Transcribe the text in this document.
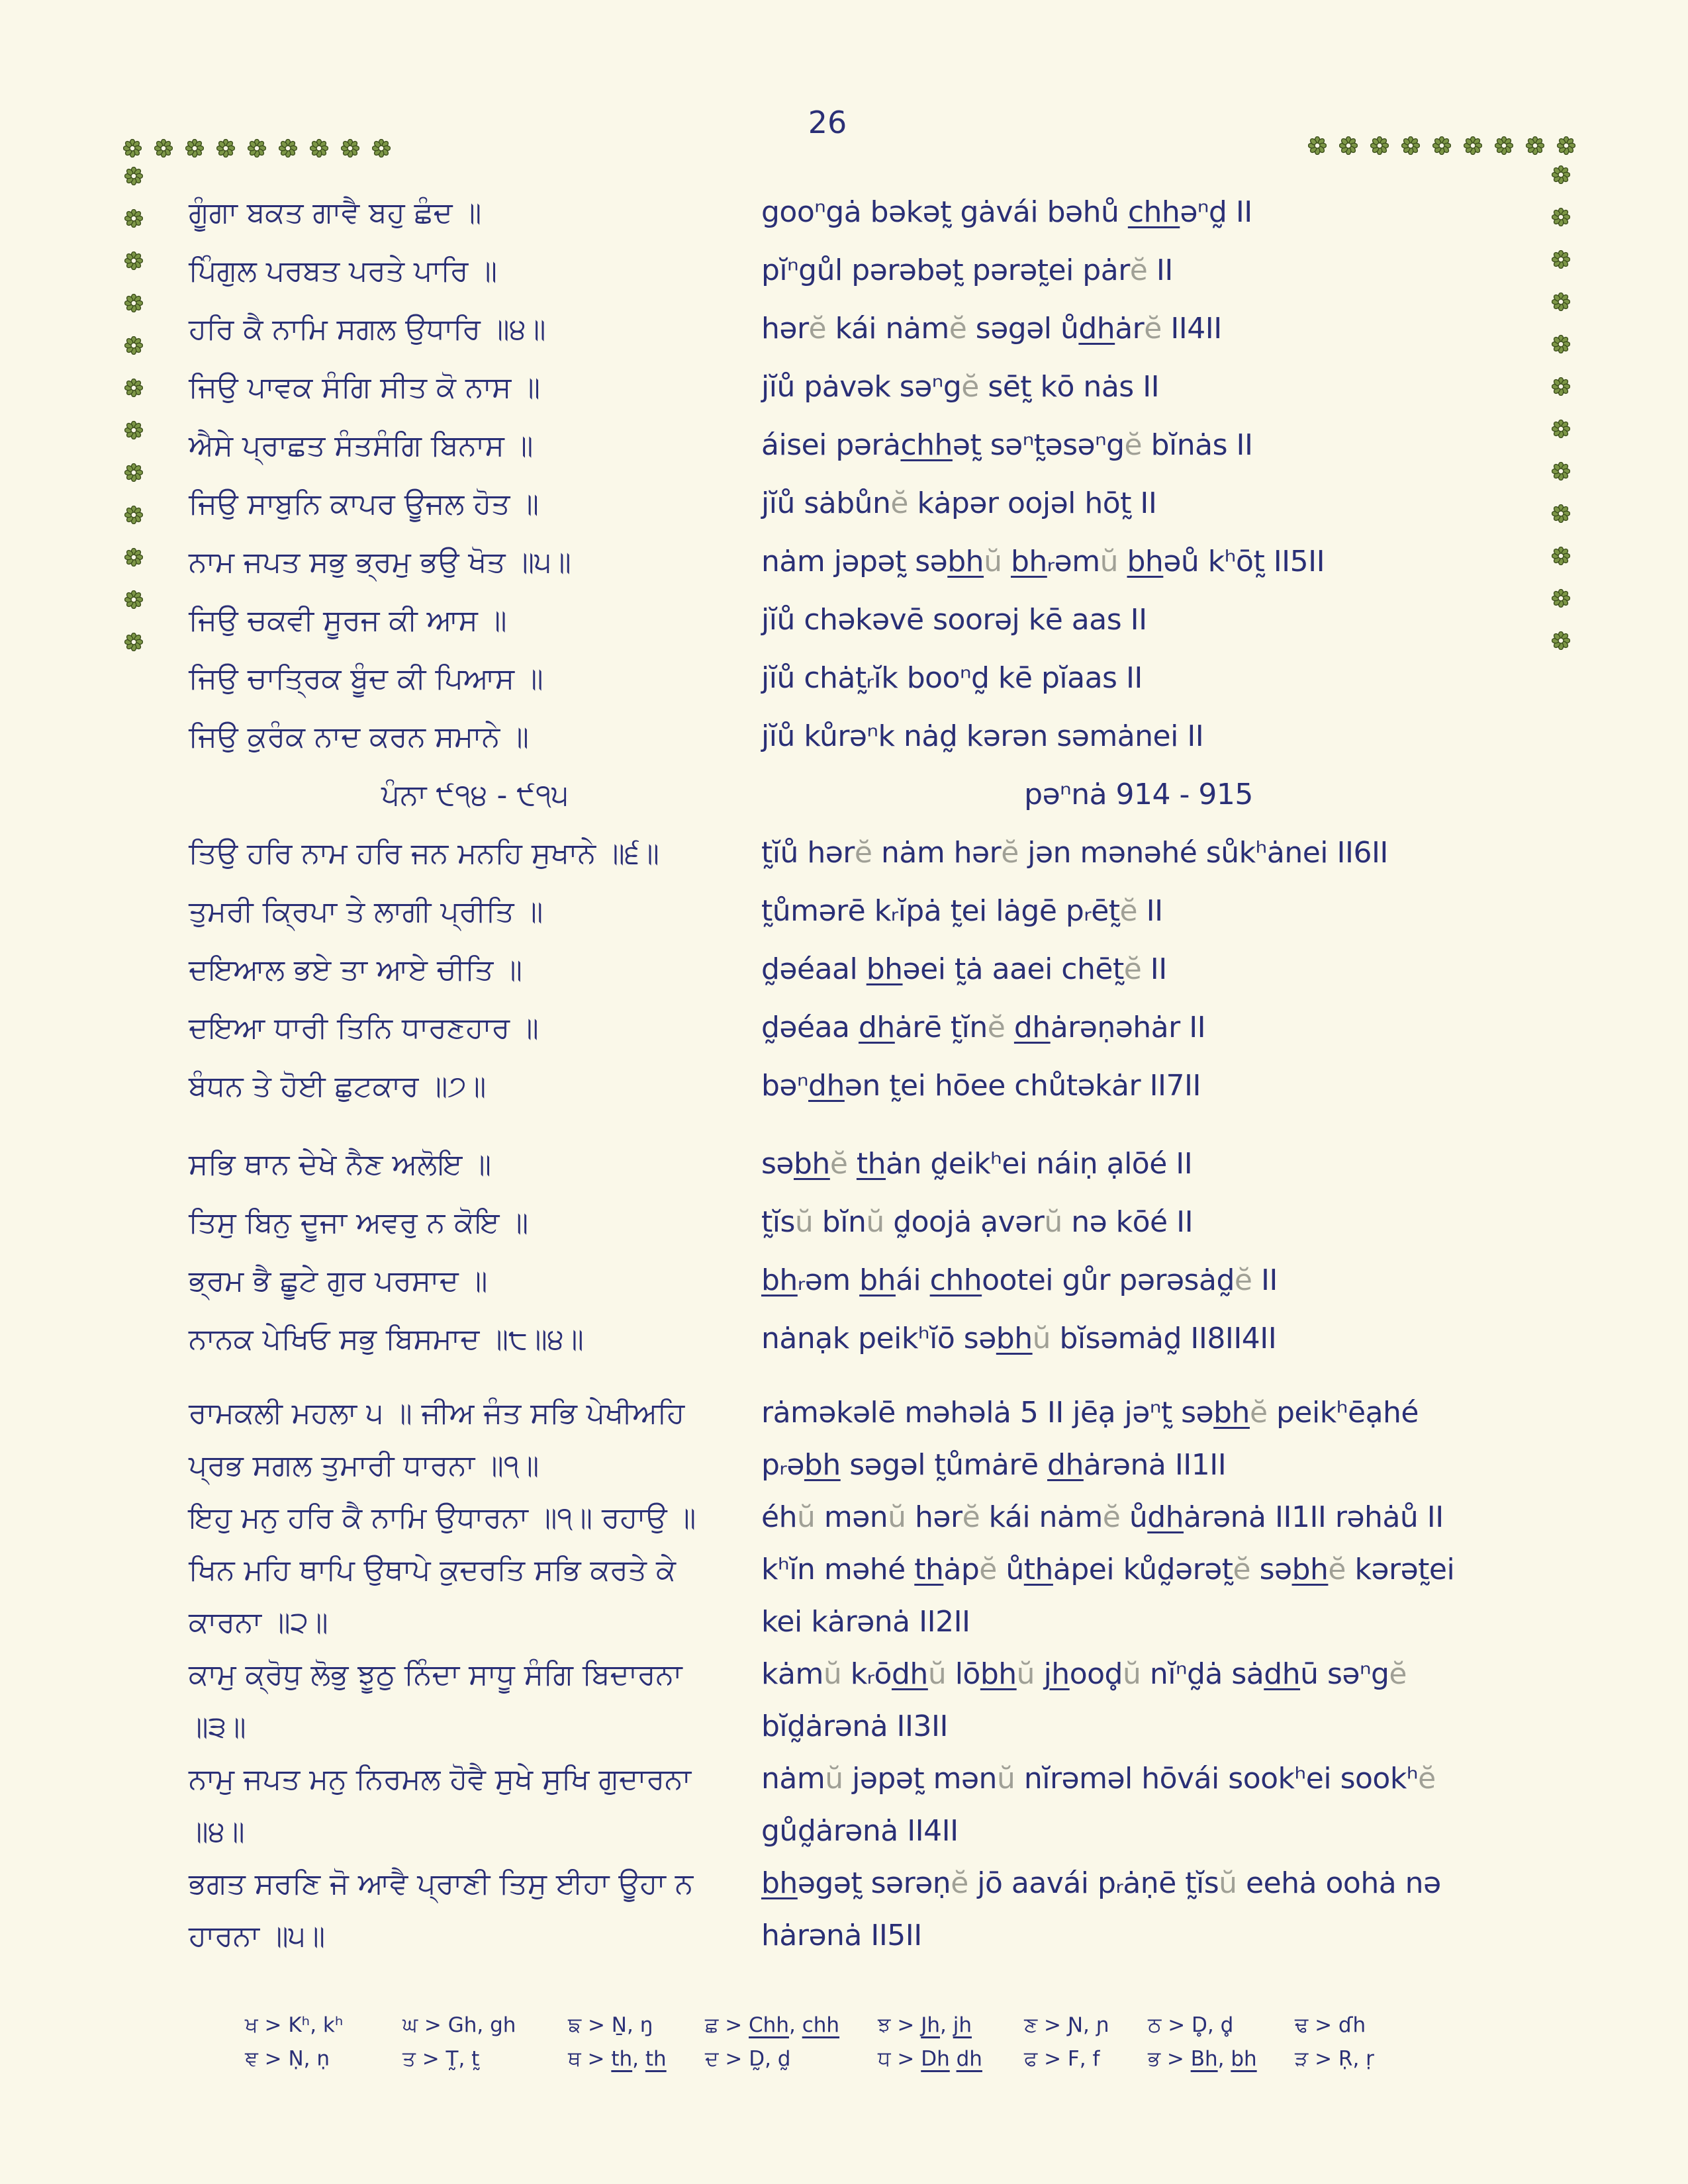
26
ਗੂੰਗਾ ਬਕਤ ਗਾਵੈ ਬਹੁ ਛੰਦ ॥	gooⁿgȧ bəkət̰ gȧvái bəhů chhəⁿd̰ II
ਪਿੰਗੁਲ ਪਰਬਤ ਪਰਤੇ ਪਾਰਿ ॥	pĭⁿgůl pərəbət̰ pərət̰ei pȧrĕ II
ਹਰਿ ਕੈ ਨਾਮਿ ਸਗਲ ਉਧਾਰਿ ॥੪॥	hərĕ kái nȧmĕ səgəl ůdhȧrĕ II4II
ਜਿਉ ਪਾਵਕ ਸੰਗਿ ਸੀਤ ਕੋ ਨਾਸ ॥	jĭů pȧvək səⁿgĕ sēt̰ kō nȧs II
ਐਸੇ ਪ੍ਰਾਛਤ ਸੰਤਸੰਗਿ ਬਿਨਾਸ ॥	áisei pərȧchhət̰ səⁿt̰əsəⁿgĕ bĭnȧs II
ਜਿਉ ਸਾਬੁਨਿ ਕਾਪਰ ਊਜਲ ਹੋਤ ॥	jĭů sȧbůnĕ kȧpər oojəl hōt̰ II
ਨਾਮ ਜਪਤ ਸਭੁ ਭ੍ਰਮੁ ਭਉ ਖੋਤ ॥੫॥	nȧm jəpət̰ səbhŭ bhᵣəmŭ bhəů kʰōt̰ II5II
ਜਿਉ ਚਕਵੀ ਸੂਰਜ ਕੀ ਆਸ ॥	jĭů chəkəvē soorəj kē aas II
ਜਿਉ ਚਾਤ੍ਰਿਕ ਬੂੰਦ ਕੀ ਪਿਆਸ ॥	jĭů chȧt̰ᵣĭk booⁿd̰ kē pĭaas II
ਜਿਉ ਕੁਰੰਕ ਨਾਦ ਕਰਨ ਸਮਾਨੇ ॥	jĭů kůrəⁿk nȧd̰ kərən səmȧnei II
ਪੰਨਾ ੯੧੪ - ੯੧੫	pəⁿnȧ 914 - 915
ਤਿਉ ਹਰਿ ਨਾਮ ਹਰਿ ਜਨ ਮਨਹਿ ਸੁਖਾਨੇ ॥੬॥	t̰ĭů hərĕ nȧm hərĕ jən mənəhé sůkʰȧnei II6II
ਤੁਮਰੀ ਕ੍ਰਿਪਾ ਤੇ ਲਾਗੀ ਪ੍ਰੀਤਿ ॥	t̰ůmərē kᵣĭpȧ t̰ei lȧgē pᵣēt̰ĕ II
ਦਇਆਲ ਭਏ ਤਾ ਆਏ ਚੀਤਿ ॥	d̰əéaal bhəei t̰ȧ aaei chēt̰ĕ II
ਦਇਆ ਧਾਰੀ ਤਿਨਿ ਧਾਰਣਹਾਰ ॥	d̰əéaa dhȧrē t̰ĭnĕ dhȧrəṇəhȧr II
ਬੰਧਨ ਤੇ ਹੋਈ ਛੁਟਕਾਰ ॥੭॥	bəⁿdhən t̰ei hōee chůtəkȧr II7II
ਸਭਿ ਥਾਨ ਦੇਖੇ ਨੈਣ ਅਲੋਇ ॥	səbhĕ thȧn d̰eikʰei náiṇ ạlōé II
ਤਿਸੁ ਬਿਨੁ ਦੂਜਾ ਅਵਰੁ ਨ ਕੋਇ ॥	t̰ĭsŭ bĭnŭ d̰oojȧ ạvərŭ nə kōé II
ਭ੍ਰਮ ਭੈ ਛੂਟੇ ਗੁਰ ਪਰਸਾਦ ॥	bhᵣəm bhái chhootei gůr pərəsȧd̰ĕ II
ਨਾਨਕ ਪੇਖਿਓ ਸਭੁ ਬਿਸਮਾਦ ॥੮॥੪॥	nȧnạk peikʰĭō səbhŭ bĭsəmȧd̰ II8II4II
ਰਾਮਕਲੀ ਮਹਲਾ ੫ ॥ ਜੀਅ ਜੰਤ ਸਭਿ ਪੇਖੀਅਹਿ	rȧməkəlē məhəlȧ 5 II jēạ jəⁿt̰ səbhĕ peikʰēạhé
ਪ੍ਰਭ ਸਗਲ ਤੁਮਾਰੀ ਧਾਰਨਾ ॥੧॥	pᵣəbh səgəl t̰ůmȧrē dhȧrənȧ II1II
ਇਹੁ ਮਨੁ ਹਰਿ ਕੈ ਨਾਮਿ ਉਧਾਰਨਾ ॥੧॥ ਰਹਾਉ ॥	éhŭ mənŭ hərĕ kái nȧmĕ ůdhȧrənȧ II1II rəhȧů II
ਖਿਨ ਮਹਿ ਥਾਪਿ ਉਥਾਪੇ ਕੁਦਰਤਿ ਸਭਿ ਕਰਤੇ ਕੇ	kʰĭn məhé thȧpĕ ůthȧpei kůd̰ərət̰ĕ səbhĕ kərət̰ei
ਕਾਰਨਾ ॥੨॥	kei kȧrənȧ II2II
ਕਾਮੁ ਕ੍ਰੋਧੁ ਲੋਭੁ ਝੂਠੁ ਨਿੰਦਾ ਸਾਧੂ ਸੰਗਿ ਬਿਦਾਰਨਾ	kȧmŭ kᵣōdhŭ lōbhŭ jhood̥ŭ nĭⁿd̰ȧ sȧdhū səⁿgĕ
॥੩॥	bĭd̰ȧrənȧ II3II
ਨਾਮੁ ਜਪਤ ਮਨੁ ਨਿਰਮਲ ਹੋਵੈ ਸੁਖੇ ਸੁਖਿ ਗੁਦਾਰਨਾ	nȧmŭ jəpət̰ mənŭ nĭrəməl hōvái sookʰei sookʰĕ
॥੪॥	gůd̰ȧrənȧ II4II
ਭਗਤ ਸਰਣਿ ਜੋ ਆਵੈ ਪ੍ਰਾਣੀ ਤਿਸੁ ਈਹਾ ਊਹਾ ਨ	bhəgət̰ sərəṇĕ jō aavái pᵣȧṇē t̰ĭsŭ eehȧ oohȧ nə
ਹਾਰਨਾ ॥੫॥	hȧrənȧ II5II
ਖ > Kʰ, kʰ	ਘ > Gh, gh	ਙ > Ṉ, ŋ	ਛ > Chh, chh	ਝ > Jh, jh	ਣ > Ɲ, ɲ	ਠ > D̥, d̥	ਢ > ɗh
ਞ > Ṇ, ṇ	ਤ > T̰, t̰	ਥ > th, th	ਦ > D̰, d̰	ਧ > Dh dh	ਫ > F, f	ਭ > Bh, bh	ੜ > Ṛ, ṛ
